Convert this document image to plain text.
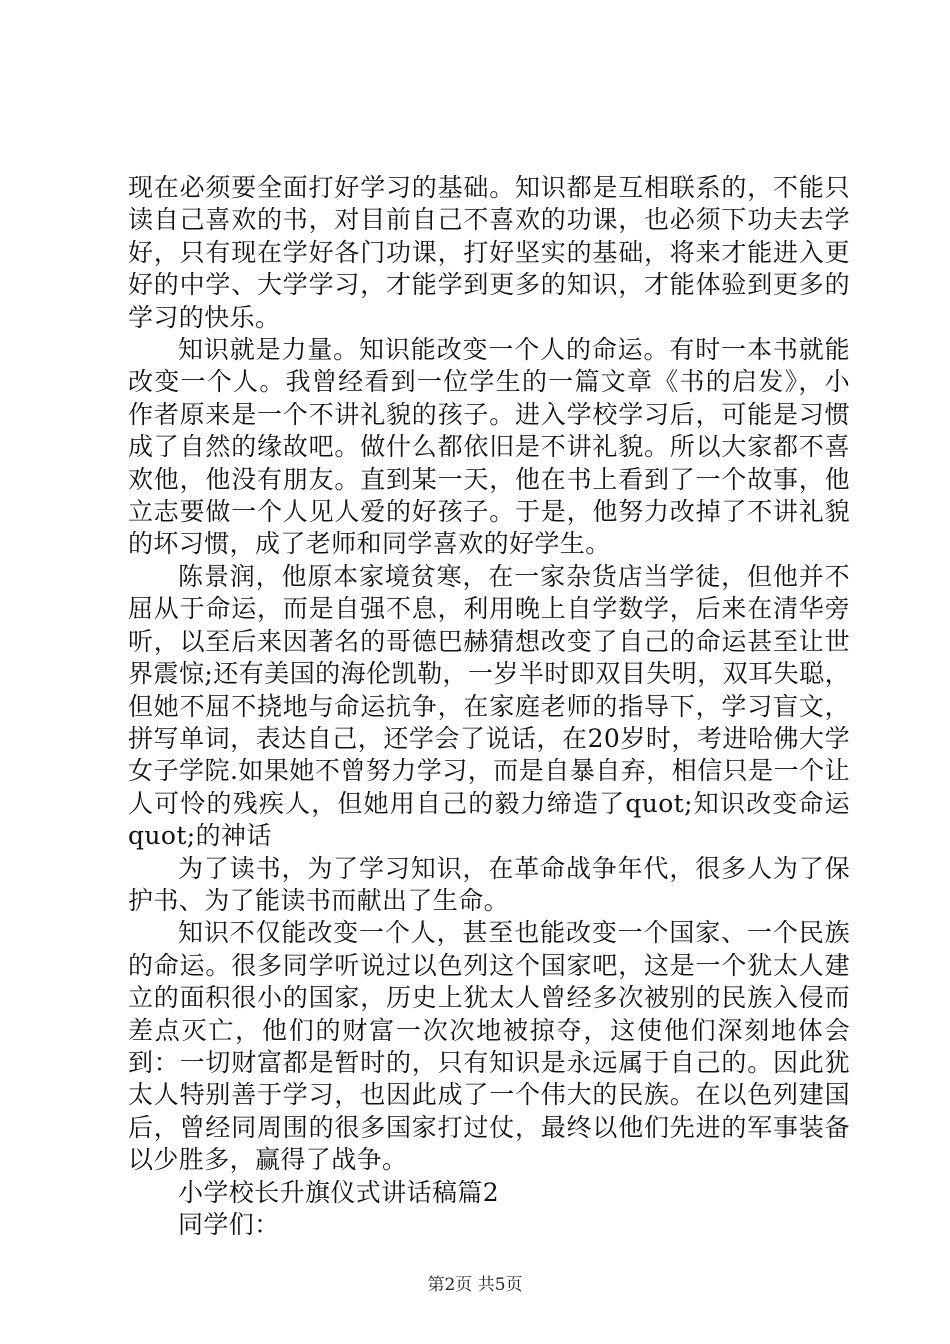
现在必须要全面打好学习的基础。知识都是互相联系的，不能只读自己喜欢的书，对目前自己不喜欢的功课，也必须下功夫去学好，只有现在学好各门功课，打好坚实的基础，将来才能进入更好的中学、大学学习，才能学到更多的知识，才能体验到更多的学习的快乐。

知识就是力量。知识能改变一个人的命运。有时一本书就能改变一个人。我曾经看到一位学生的一篇文章《书的启发》，小作者原来是一个不讲礼貌的孩子。进入学校学习后，可能是习惯成了自然的缘故吧。做什么都依旧是不讲礼貌。所以大家都不喜欢他，他没有朋友。直到某一天，他在书上看到了一个故事，他立志要做一个人见人爱的好孩子。于是，他努力改掉了不讲礼貌的坏习惯，成了老师和同学喜欢的好学生。

陈景润，他原本家境贫寒，在一家杂货店当学徒，但他并不屈从于命运，而是自强不息，利用晚上自学数学，后来在清华旁听，以至后来因著名的哥德巴赫猜想改变了自己的命运甚至让世界震惊;还有美国的海伦凯勒，一岁半时即双目失明，双耳失聪，但她不屈不挠地与命运抗争，在家庭老师的指导下，学习盲文，拼写单词，表达自己，还学会了说话，在20岁时，考进哈佛大学女子学院.如果她不曾努力学习，而是自暴自弃，相信只是一个让人可怜的残疾人，但她用自己的毅力缔造了quot;知识改变命运quot;的神话

为了读书，为了学习知识，在革命战争年代，很多人为了保护书、为了能读书而献出了生命。

知识不仅能改变一个人，甚至也能改变一个国家、一个民族的命运。很多同学听说过以色列这个国家吧，这是一个犹太人建立的面积很小的国家，历史上犹太人曾经多次被别的民族入侵而差点灭亡，他们的财富一次次地被掠夺，这使他们深刻地体会到：一切财富都是暂时的，只有知识是永远属于自己的。因此犹太人特别善于学习，也因此成了一个伟大的民族。在以色列建国后，曾经同周围的很多国家打过仗，最终以他们先进的军事装备以少胜多，赢得了战争。

小学校长升旗仪式讲话稿篇2

同学们：

第2页 共5页
